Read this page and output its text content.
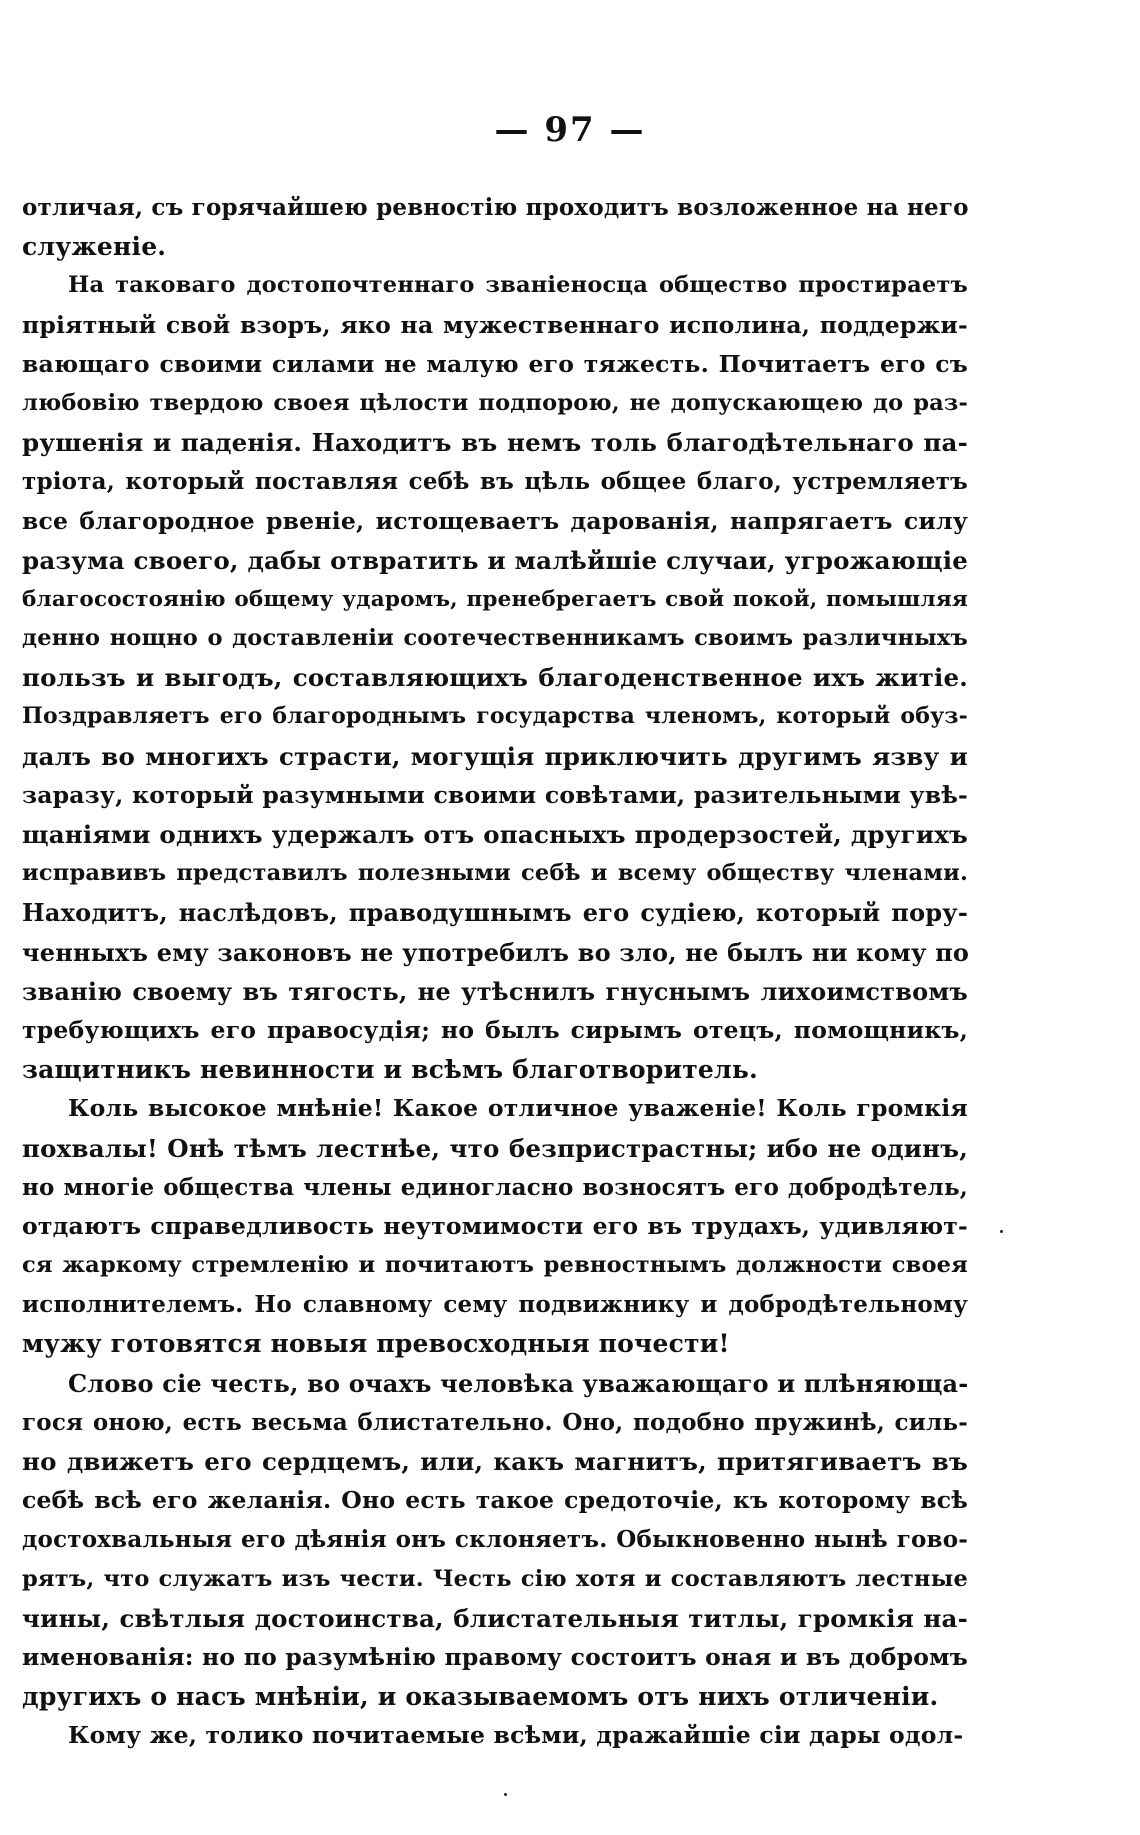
— 97 —
отличая, съ горячайшею ревностію проходитъ возложенное на него
служеніе.
На таковаго достопочтеннаго званіеносца общество простираетъ
пріятный свой взоръ, яко на мужественнаго исполина, поддержи-
вающаго своими силами не малую его тяжесть. Почитаетъ его съ
любовію твердою своея цѣлости подпорою, не допускающею до раз-
рушенія и паденія. Находитъ въ немъ толь благодѣтельнаго па-
тріота, который поставляя себѣ въ цѣль общее благо, устремляетъ
все благородное рвеніе, истощеваетъ дарованія, напрягаетъ силу
разума своего, дабы отвратить и малѣйшіе случаи, угрожающіе
благосостоянію общему ударомъ, пренебрегаетъ свой покой, помышляя
денно нощно о доставленіи соотечественникамъ своимъ различныхъ
пользъ и выгодъ, составляющихъ благоденственное ихъ житіе.
Поздравляетъ его благороднымъ государства членомъ, который обуз-
далъ во многихъ страсти, могущія приключить другимъ язву и
заразу, который разумными своими совѣтами, разительными увѣ-
щаніями однихъ удержалъ отъ опасныхъ продерзостей, другихъ
исправивъ представилъ полезными себѣ и всему обществу членами.
Находитъ, наслѣдовъ, праводушнымъ его судіею, который пору-
ченныхъ ему законовъ не употребилъ во зло, не былъ ни кому по
званію своему въ тягость, не утѣснилъ гнуснымъ лихоимствомъ
требующихъ его правосудія; но былъ сирымъ отецъ, помощникъ,
защитникъ невинности и всѣмъ благотворитель.
Коль высокое мнѣніе! Какое отличное уваженіе! Коль громкія
похвалы! Онѣ тѣмъ лестнѣе, что безпристрастны; ибо не одинъ,
но многіе общества члены единогласно возносятъ его добродѣтель,
отдаютъ справедливость неутомимости его въ трудахъ, удивляют-
ся жаркому стремленію и почитаютъ ревностнымъ должности своея
исполнителемъ. Но славному сему подвижнику и добродѣтельному
мужу готовятся новыя превосходныя почести!
Слово сіе честь, во очахъ человѣка уважающаго и плѣняюща-
гося оною, есть весьма блистательно. Оно, подобно пружинѣ, силь-
но движетъ его сердцемъ, или, какъ магнитъ, притягиваетъ въ
себѣ всѣ его желанія. Оно есть такое средоточіе, къ которому всѣ
достохвальныя его дѣянія онъ склоняетъ. Обыкновенно нынѣ гово-
рятъ, что служатъ изъ чести. Честь сію хотя и составляютъ лестные
чины, свѣтлыя достоинства, блистательныя титлы, громкія на-
именованія: но по разумѣнію правому состоитъ оная и въ добромъ
другихъ о насъ мнѣніи, и оказываемомъ отъ нихъ отличеніи.
Кому же, толико почитаемые всѣми, дражайшіе сіи дары одол-
